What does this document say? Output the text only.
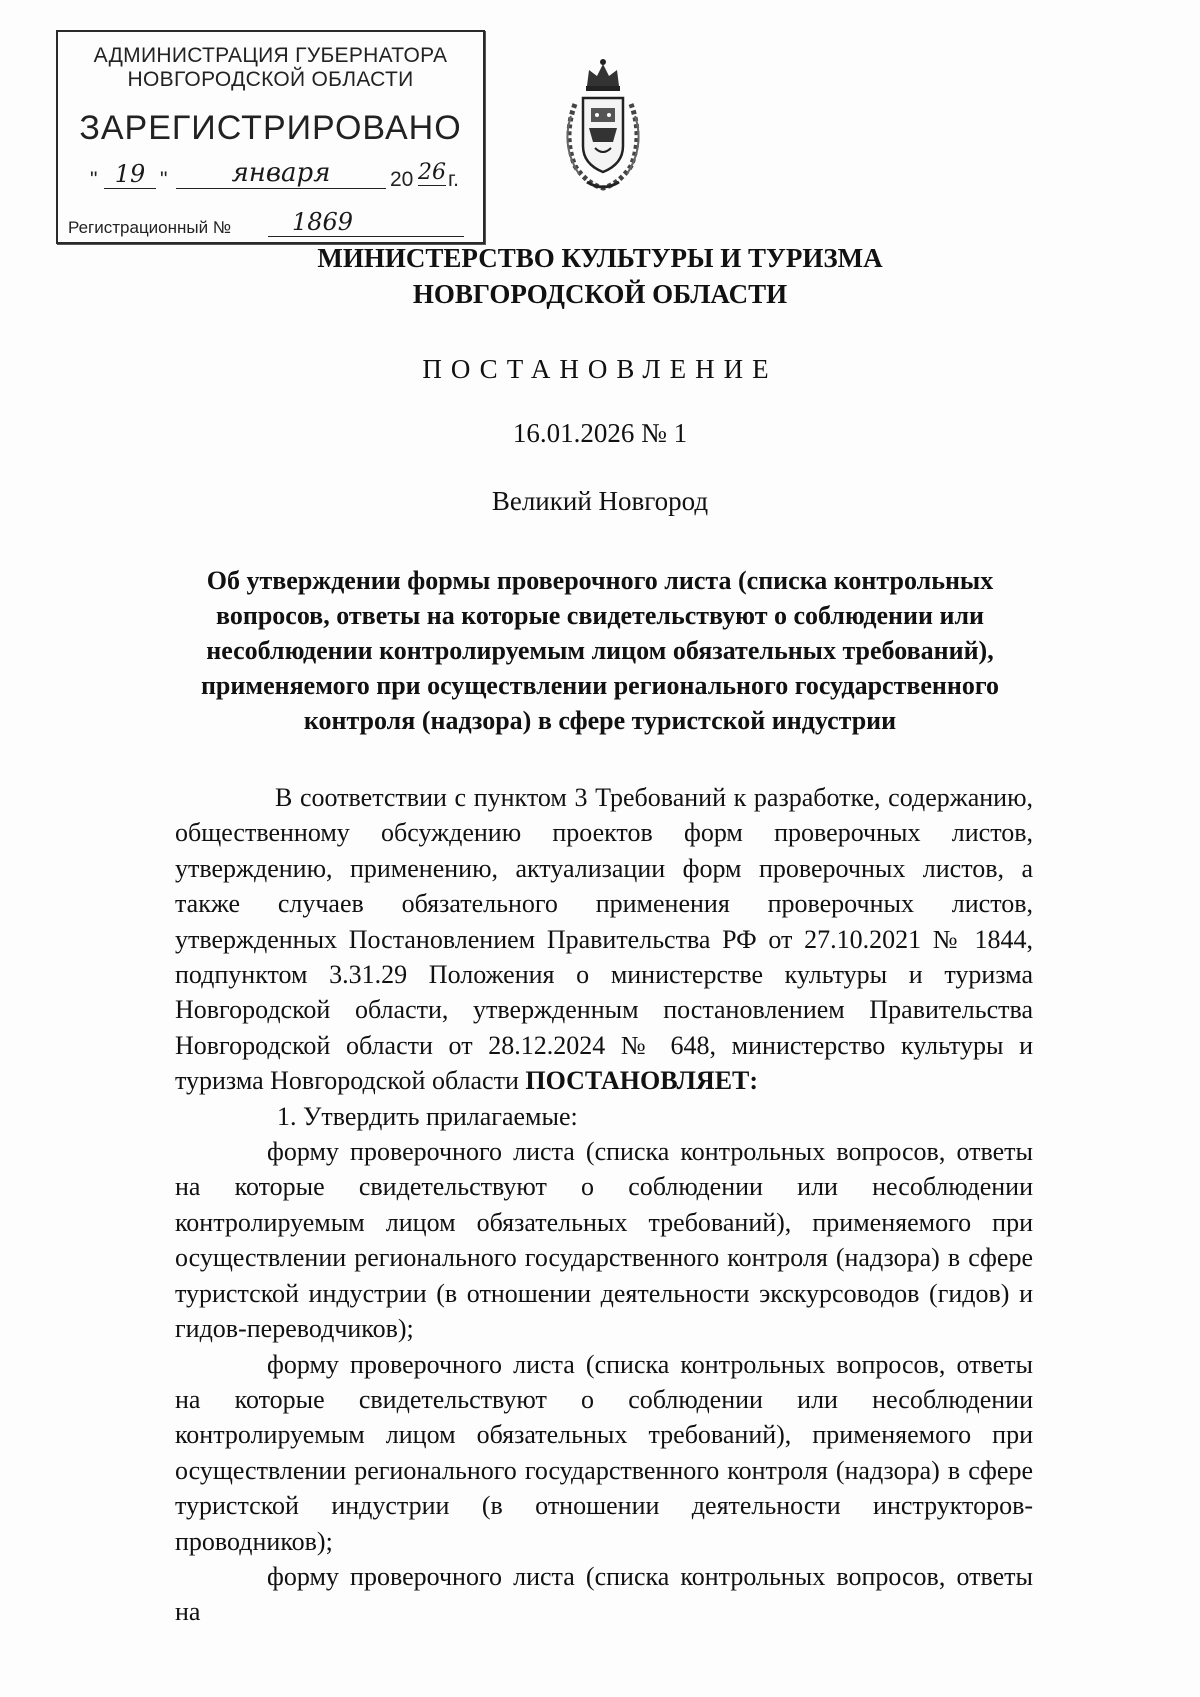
АДМИНИСТРАЦИЯ ГУБЕРНАТОРА
НОВГОРОДСКОЙ ОБЛАСТИ
ЗАРЕГИСТРИРОВАНО
" 19 "	января	20 26 г.
Регистрационный №	1869
МИНИСТЕРСТВО КУЛЬТУРЫ И ТУРИЗМА
НОВГОРОДСКОЙ ОБЛАСТИ
ПОСТАНОВЛЕНИЕ
16.01.2026 № 1
Великий Новгород
Об утверждении формы проверочного листа (списка контрольных вопросов, ответы на которые свидетельствуют о соблюдении или несоблюдении контролируемым лицом обязательных требований), применяемого при осуществлении регионального государственного контроля (надзора) в сфере туристской индустрии

В соответствии с пунктом 3 Требований к разработке, содержанию, общественному обсуждению проектов форм проверочных листов, утверждению, применению, актуализации форм проверочных листов, а также случаев обязательного применения проверочных листов, утвержденных Постановлением Правительства РФ от 27.10.2021 № 1844, подпунктом 3.31.29 Положения о министерстве культуры и туризма Новгородской области, утвержденным постановлением Правительства Новгородской области от 28.12.2024 № 648, министерство культуры и туризма Новгородской области ПОСТАНОВЛЯЕТ:

1. Утвердить прилагаемые:

форму проверочного листа (списка контрольных вопросов, ответы на которые свидетельствуют о соблюдении или несоблюдении контролируемым лицом обязательных требований), применяемого при осуществлении регионального государственного контроля (надзора) в сфере туристской индустрии (в отношении деятельности экскурсоводов (гидов) и гидов-переводчиков);

форму проверочного листа (списка контрольных вопросов, ответы на которые свидетельствуют о соблюдении или несоблюдении контролируемым лицом обязательных требований), применяемого при осуществлении регионального государственного контроля (надзора) в сфере туристской индустрии (в отношении деятельности инструкторов-проводников);

форму проверочного листа (списка контрольных вопросов, ответы на
